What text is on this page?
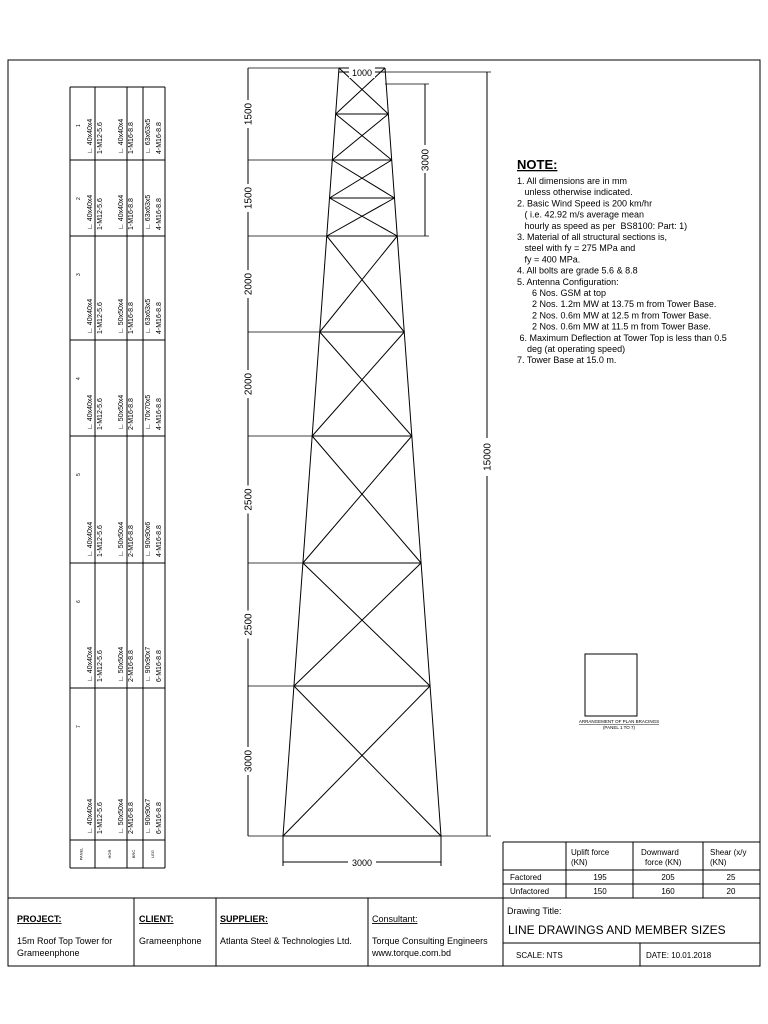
PANEL	HOR	BRC	LEG
1 ∟ 40x40x4 1-M12-5.6 ∟ 40x40x4 1-M16-8.8 ∟ 63x63x5 4-M16-8.8
2 ∟ 40x40x4 1-M12-5.6 ∟ 40x40x4 1-M16-8.8 ∟ 63x63x5 4-M16-8.8
3
∟ 40x40x4 1-M12-5.6 ∟ 50x50x4 1-M16-8.8 ∟ 63x63x5 4-M16-8.8
4
∟ 40x40x4 1-M12-5.6 ∟ 50x50x4 2-M16-8.8 ∟ 70x70x5 4-M16-8.8
5
∟ 40x40x4 1-M12-5.6 ∟ 50x50x4 2-M16-8.8 ∟ 90x90x6 4-M16-8.8
6
∟ 40x40x4 1-M12-5.6 ∟ 50x50x4 2-M16-8.8 ∟ 90x90x7 6-M16-8.8
7
∟ 40x40x4 1-M12-5.6 ∟ 50x50x4 2-M16-8.8 ∟ 90x90x7 6-M16-8.8
1000
3000
1500
1500
2000
2000
2500
2500
3000
3000
15000
NOTE:
1. All dimensions are in mm
unless otherwise indicated.
2. Basic Wind Speed is 200 km/hr
( i.e. 42.92 m/s average mean
hourly as speed as per  BS8100: Part: 1)
3. Material of all structural sections is,
steel with fy = 275 MPa and
fy = 400 MPa.
4. All bolts are grade 5.6 & 8.8
5. Antenna Configuration:
6 Nos. GSM at top
2 Nos. 1.2m MW at 13.75 m from Tower Base.
2 Nos. 0.6m MW at 12.5 m from Tower Base.
2 Nos. 0.6m MW at 11.5 m from Tower Base.
6. Maximum Deflection at Tower Top is less than 0.5
deg (at operating speed)
7. Tower Base at 15.0 m.
ARRANGEMENT OF PLAN BRACINGS
(PANEL 1 TO 7)
Uplift force
(KN)
Downward
force (KN)
Shear (x/y
(KN)
Factored	195	205	25
Unfactored	150	160	20
Drawing Title:
LINE DRAWINGS AND MEMBER SIZES
PROJECT:
15m Roof Top Tower for
Grameenphone
CLIENT:
Grameenphone
SUPPLIER:
Atlanta Steel & Technologies Ltd.
Consultant:
Torque Consulting Engineers
www.torque.com.bd	SCALE: NTS	DATE: 10.01.2018
